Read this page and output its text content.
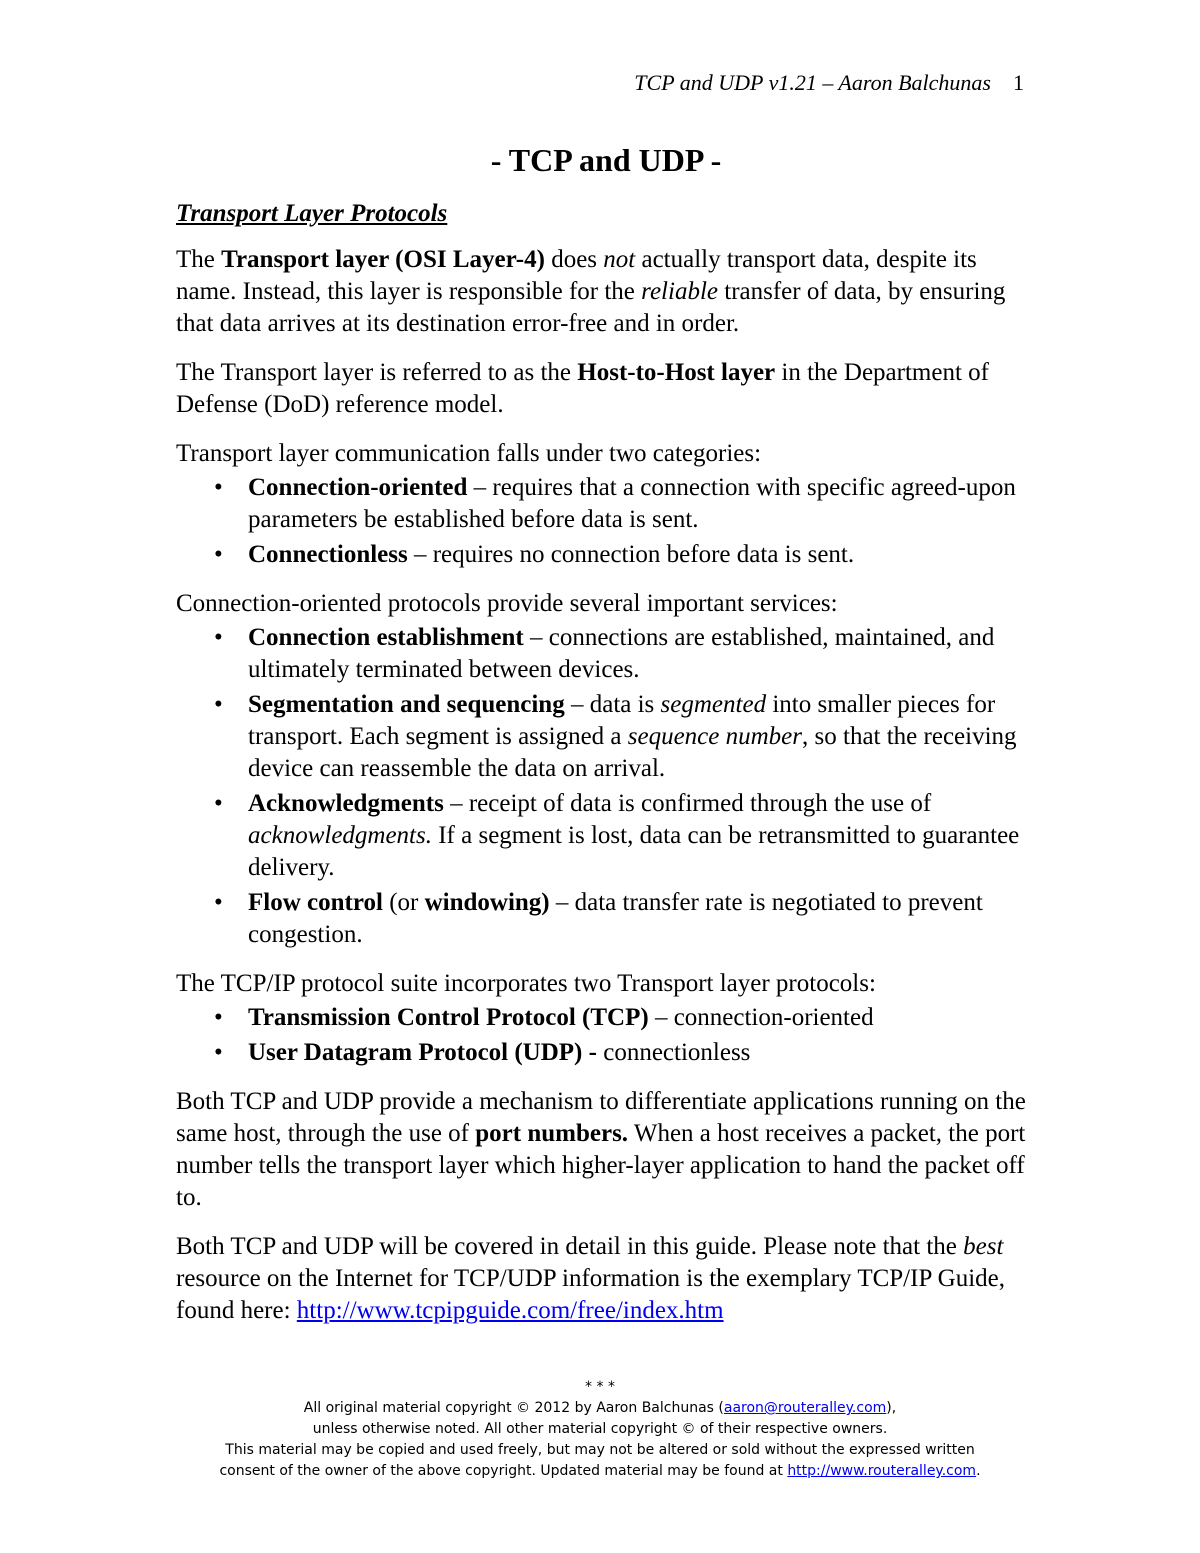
TCP and UDP v1.21 – Aaron Balchunas 1
- TCP and UDP -
Transport Layer Protocols

The Transport layer (OSI Layer-4) does not actually transport data, despite its name. Instead, this layer is responsible for the reliable transfer of data, by ensuring that data arrives at its destination error-free and in order.

The Transport layer is referred to as the Host-to-Host layer in the Department of Defense (DoD) reference model.

Transport layer communication falls under two categories:

• Connection-oriented – requires that a connection with specific agreed-upon parameters be established before data is sent.
• Connectionless – requires no connection before data is sent.

Connection-oriented protocols provide several important services:

• Connection establishment – connections are established, maintained, and ultimately terminated between devices.
• Segmentation and sequencing – data is segmented into smaller pieces for transport. Each segment is assigned a sequence number, so that the receiving device can reassemble the data on arrival.
• Acknowledgments – receipt of data is confirmed through the use of acknowledgments. If a segment is lost, data can be retransmitted to guarantee delivery.
• Flow control (or windowing) – data transfer rate is negotiated to prevent congestion.

The TCP/IP protocol suite incorporates two Transport layer protocols:

• Transmission Control Protocol (TCP) – connection-oriented
• User Datagram Protocol (UDP) - connectionless

Both TCP and UDP provide a mechanism to differentiate applications running on the same host, through the use of port numbers. When a host receives a packet, the port number tells the transport layer which higher-layer application to hand the packet off to.

Both TCP and UDP will be covered in detail in this guide. Please note that the best resource on the Internet for TCP/UDP information is the exemplary TCP/IP Guide, found here: http://www.tcpipguide.com/free/index.htm

* * *
All original material copyright © 2012 by Aaron Balchunas (aaron@routeralley.com),
unless otherwise noted. All other material copyright © of their respective owners.
This material may be copied and used freely, but may not be altered or sold without the expressed written
consent of the owner of the above copyright. Updated material may be found at http://www.routeralley.com.
